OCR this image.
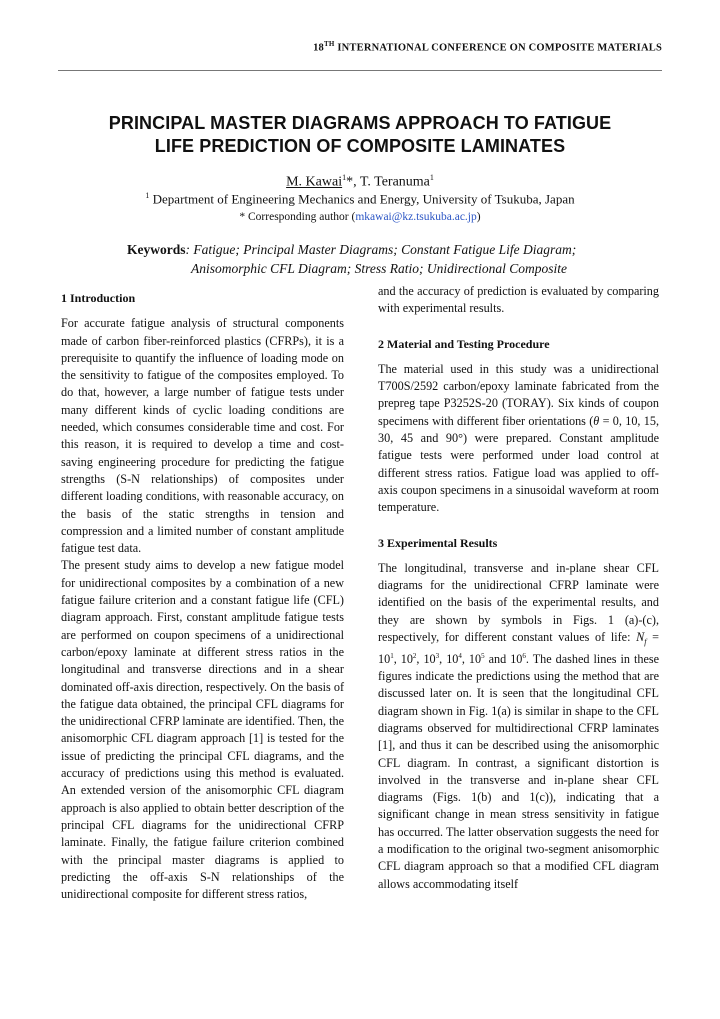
18TH INTERNATIONAL CONFERENCE ON COMPOSITE MATERIALS
PRINCIPAL MASTER DIAGRAMS APPROACH TO FATIGUE
LIFE PREDICTION OF COMPOSITE LAMINATES
M. Kawai$^1$*, T. Teranuma$^1$
$^1$ Department of Engineering Mechanics and Energy, University of Tsukuba, Japan
* Corresponding author (mkawai@kz.tsukuba.ac.jp)
Keywords: Fatigue; Principal Master Diagrams; Constant Fatigue Life Diagram;
Anisomorphic CFL Diagram; Stress Ratio; Unidirectional Composite
1 Introduction

For accurate fatigue analysis of structural components made of carbon fiber-reinforced plastics (CFRPs), it is a prerequisite to quantify the influence of loading mode on the sensitivity to fatigue of the composites employed. To do that, however, a large number of fatigue tests under many different kinds of cyclic loading conditions are needed, which consumes considerable time and cost. For this reason, it is required to develop a time and cost-saving engineering procedure for predicting the fatigue strengths (S-N relationships) of composites under different loading conditions, with reasonable accuracy, on the basis of the static strengths in tension and compression and a limited number of constant amplitude fatigue test data.

The present study aims to develop a new fatigue model for unidirectional composites by a combination of a new fatigue failure criterion and a constant fatigue life (CFL) diagram approach. First, constant amplitude fatigue tests are performed on coupon specimens of a unidirectional carbon/epoxy laminate at different stress ratios in the longitudinal and transverse directions and in a shear dominated off-axis direction, respectively. On the basis of the fatigue data obtained, the principal CFL diagrams for the unidirectional CFRP laminate are identified. Then, the anisomorphic CFL diagram approach [1] is tested for the issue of predicting the principal CFL diagrams, and the accuracy of predictions using this method is evaluated. An extended version of the anisomorphic CFL diagram approach is also applied to obtain better description of the principal CFL diagrams for the unidirectional CFRP laminate. Finally, the fatigue failure criterion combined with the principal master diagrams is applied to predicting the off-axis S-N relationships of the unidirectional composite for different stress ratios,

and the accuracy of prediction is evaluated by comparing with experimental results.

2 Material and Testing Procedure

The material used in this study was a unidirectional T700S/2592 carbon/epoxy laminate fabricated from the prepreg tape P3252S-20 (TORAY). Six kinds of coupon specimens with different fiber orientations (θ = 0, 10, 15, 30, 45 and 90°) were prepared. Constant amplitude fatigue tests were performed under load control at different stress ratios. Fatigue load was applied to off-axis coupon specimens in a sinusoidal waveform at room temperature.

3 Experimental Results

The longitudinal, transverse and in-plane shear CFL diagrams for the unidirectional CFRP laminate were identified on the basis of the experimental results, and they are shown by symbols in Figs. 1 (a)-(c), respectively, for different constant values of life: $N_f = 10^1$, $10^2$, $10^3$, $10^4$, $10^5$ and $10^6$. The dashed lines in these figures indicate the predictions using the method that are discussed later on. It is seen that the longitudinal CFL diagram shown in Fig. 1(a) is similar in shape to the CFL diagrams observed for multidirectional CFRP laminates [1], and thus it can be described using the anisomorphic CFL diagram. In contrast, a significant distortion is involved in the transverse and in-plane shear CFL diagrams (Figs. 1(b) and 1(c)), indicating that a significant change in mean stress sensitivity in fatigue has occurred. The latter observation suggests the need for a modification to the original two-segment anisomorphic CFL diagram approach so that a modified CFL diagram allows accommodating itself
